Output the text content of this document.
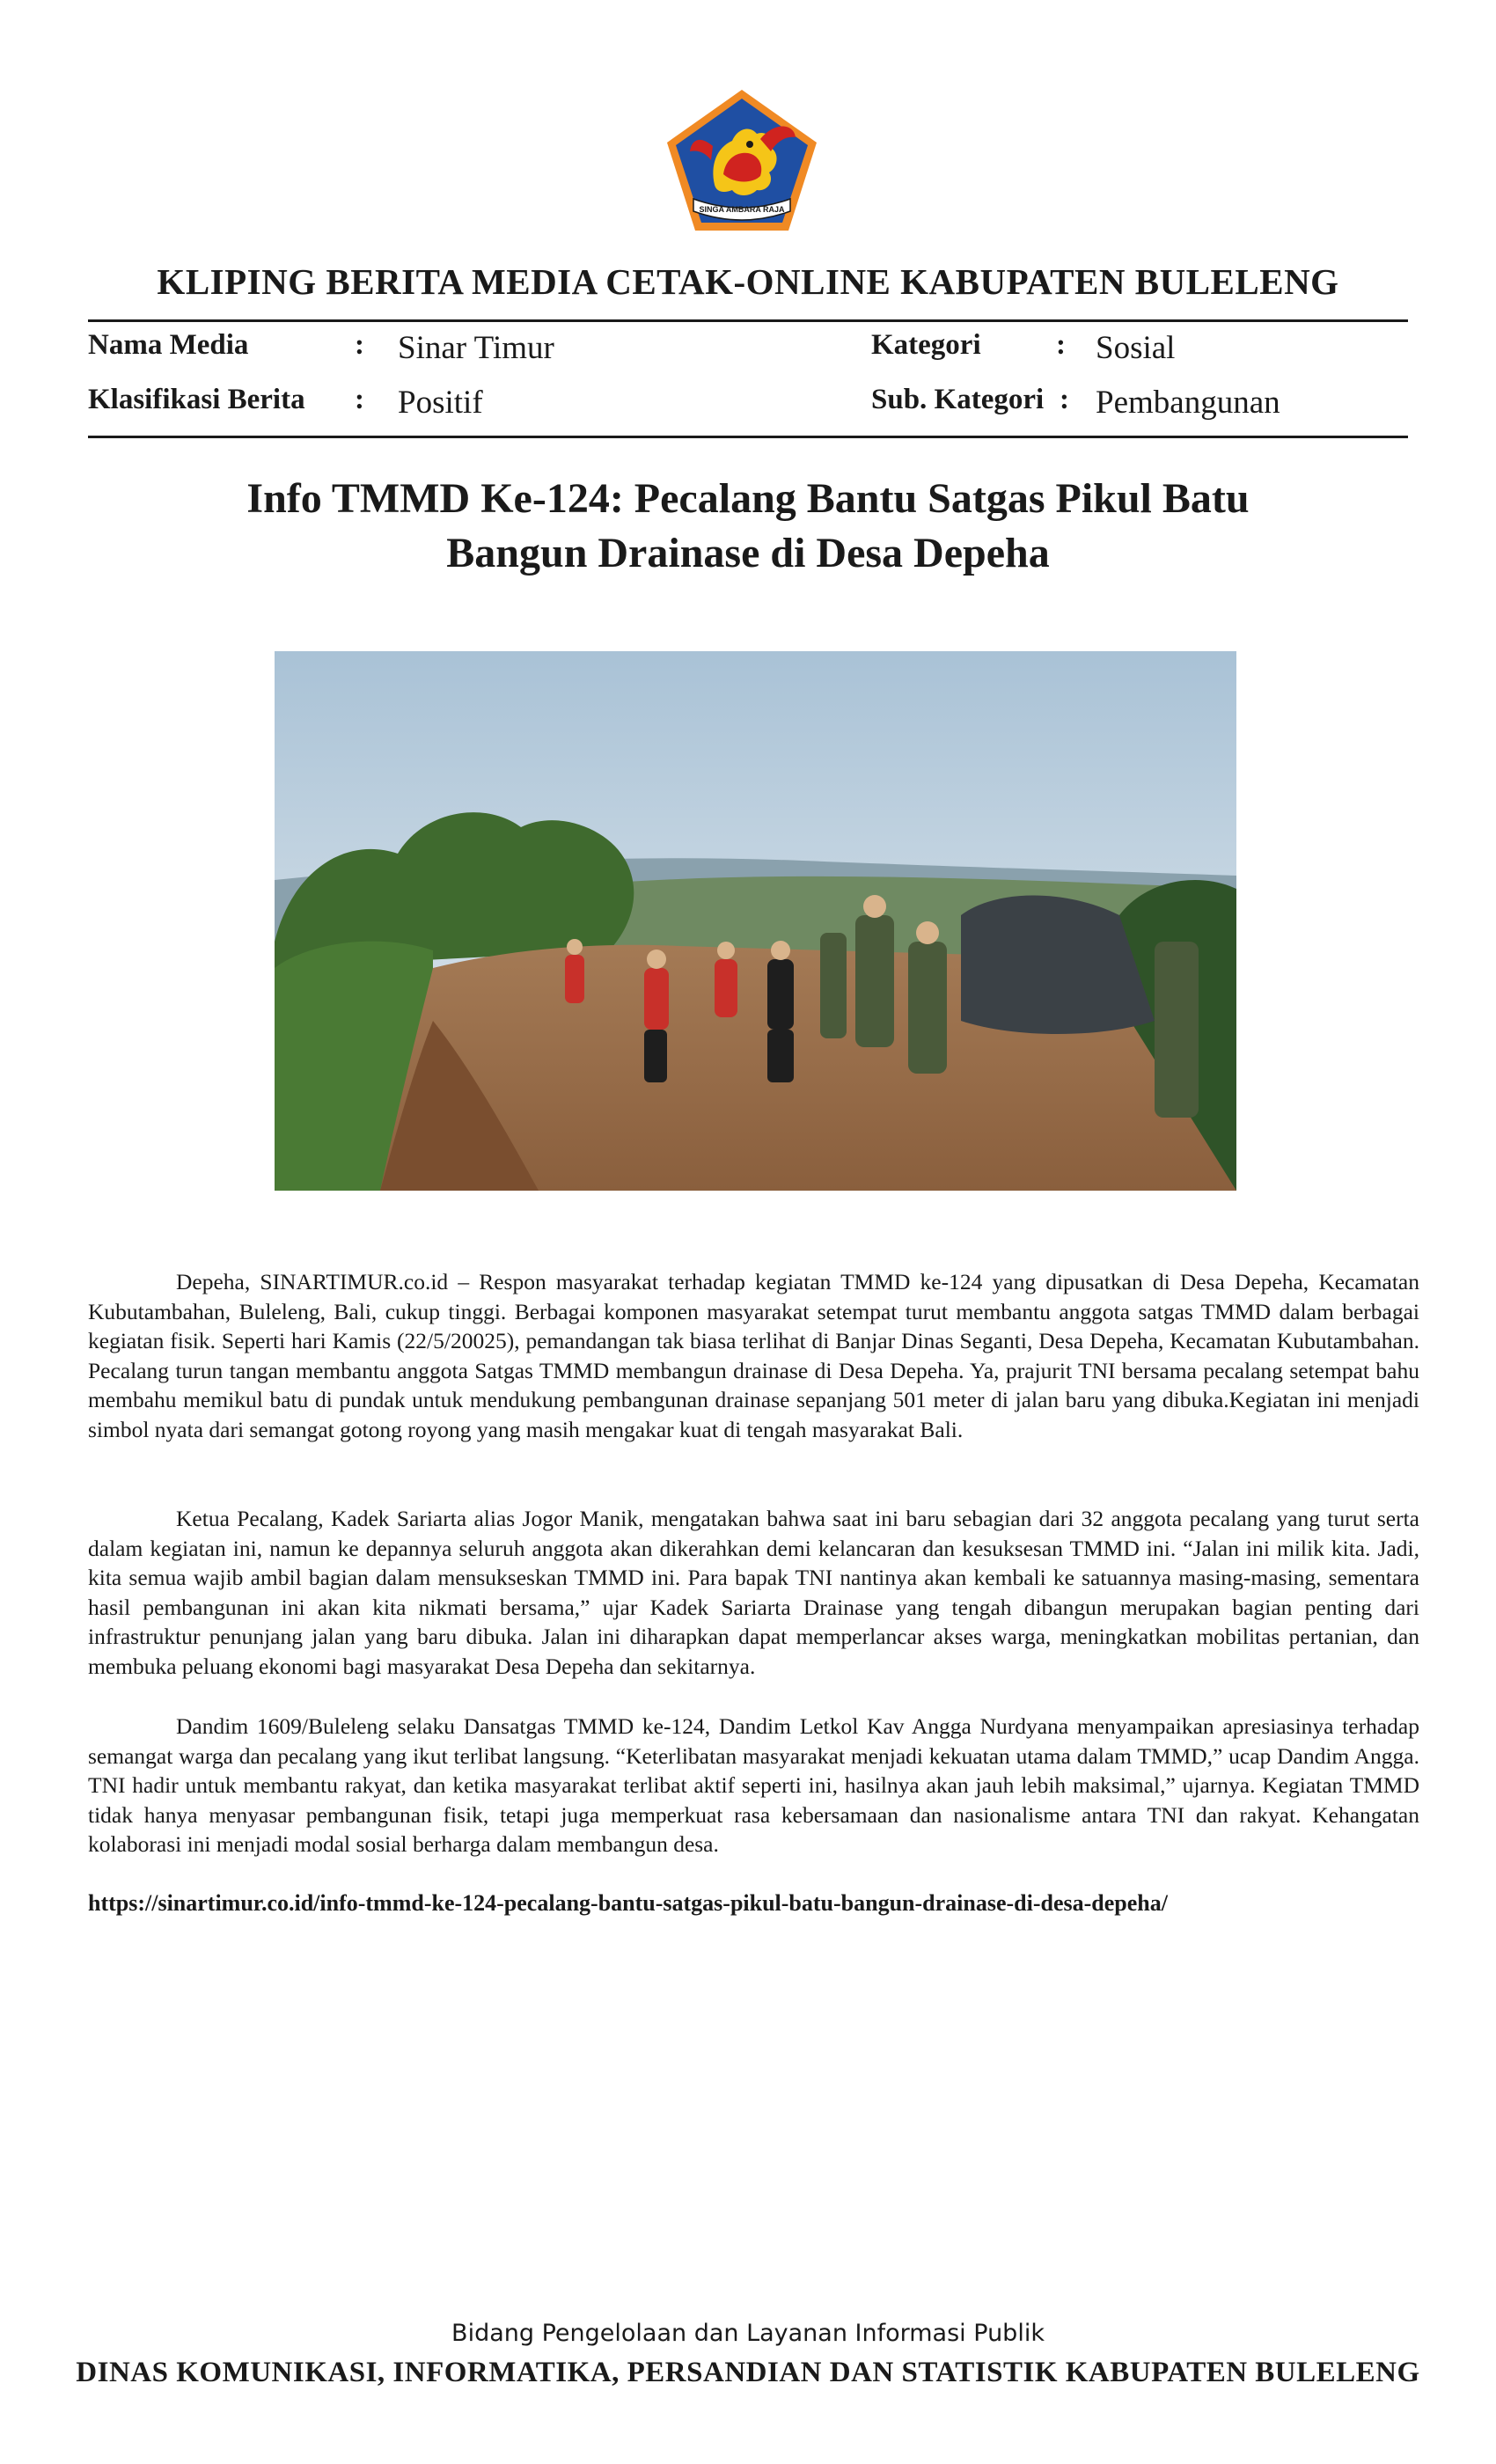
SINGA AMBARA RAJA
KLIPING BERITA MEDIA CETAK-ONLINE KABUPATEN BULELENG
Nama Media	: Sinar Timur
Klasifikasi Berita : Positif
Kategori	: Sosial
Sub. Kategori : Pembangunan
Info TMMD Ke-124: Pecalang Bantu Satgas Pikul Batu
Bangun Drainase di Desa Depeha

Depeha, SINARTIMUR.co.id – Respon masyarakat terhadap kegiatan TMMD ke-124 yang dipusatkan di Desa Depeha, Kecamatan Kubutambahan, Buleleng, Bali, cukup tinggi. Berbagai komponen masyarakat setempat turut membantu anggota satgas TMMD dalam berbagai kegiatan fisik. Seperti hari Kamis (22/5/20025), pemandangan tak biasa terlihat di Banjar Dinas Seganti, Desa Depeha, Kecamatan Kubutambahan. Pecalang turun tangan membantu anggota Satgas TMMD membangun drainase di Desa Depeha. Ya, prajurit TNI bersama pecalang setempat bahu membahu memikul batu di pundak untuk mendukung pembangunan drainase sepanjang 501 meter di jalan baru yang dibuka.Kegiatan ini menjadi simbol nyata dari semangat gotong royong yang masih mengakar kuat di tengah masyarakat Bali.

Ketua Pecalang, Kadek Sariarta alias Jogor Manik, mengatakan bahwa saat ini baru sebagian dari 32 anggota pecalang yang turut serta dalam kegiatan ini, namun ke depannya seluruh anggota akan dikerahkan demi kelancaran dan kesuksesan TMMD ini. “Jalan ini milik kita. Jadi, kita semua wajib ambil bagian dalam mensukseskan TMMD ini. Para bapak TNI nantinya akan kembali ke satuannya masing-masing, sementara hasil pembangunan ini akan kita nikmati bersama,” ujar Kadek Sariarta Drainase yang tengah dibangun merupakan bagian penting dari infrastruktur penunjang jalan yang baru dibuka. Jalan ini diharapkan dapat memperlancar akses warga, meningkatkan mobilitas pertanian, dan membuka peluang ekonomi bagi masyarakat Desa Depeha dan sekitarnya.

Dandim 1609/Buleleng selaku Dansatgas TMMD ke-124, Dandim Letkol Kav Angga Nurdyana menyampaikan apresiasinya terhadap semangat warga dan pecalang yang ikut terlibat langsung. “Keterlibatan masyarakat menjadi kekuatan utama dalam TMMD,” ucap Dandim Angga. TNI hadir untuk membantu rakyat, dan ketika masyarakat terlibat aktif seperti ini, hasilnya akan jauh lebih maksimal,” ujarnya. Kegiatan TMMD tidak hanya menyasar pembangunan fisik, tetapi juga memperkuat rasa kebersamaan dan nasionalisme antara TNI dan rakyat. Kehangatan kolaborasi ini menjadi modal sosial berharga dalam membangun desa.

https://sinartimur.co.id/info-tmmd-ke-124-pecalang-bantu-satgas-pikul-batu-bangun-drainase-di-desa-depeha/
Bidang Pengelolaan dan Layanan Informasi Publik
DINAS KOMUNIKASI, INFORMATIKA, PERSANDIAN DAN STATISTIK KABUPATEN BULELENG
